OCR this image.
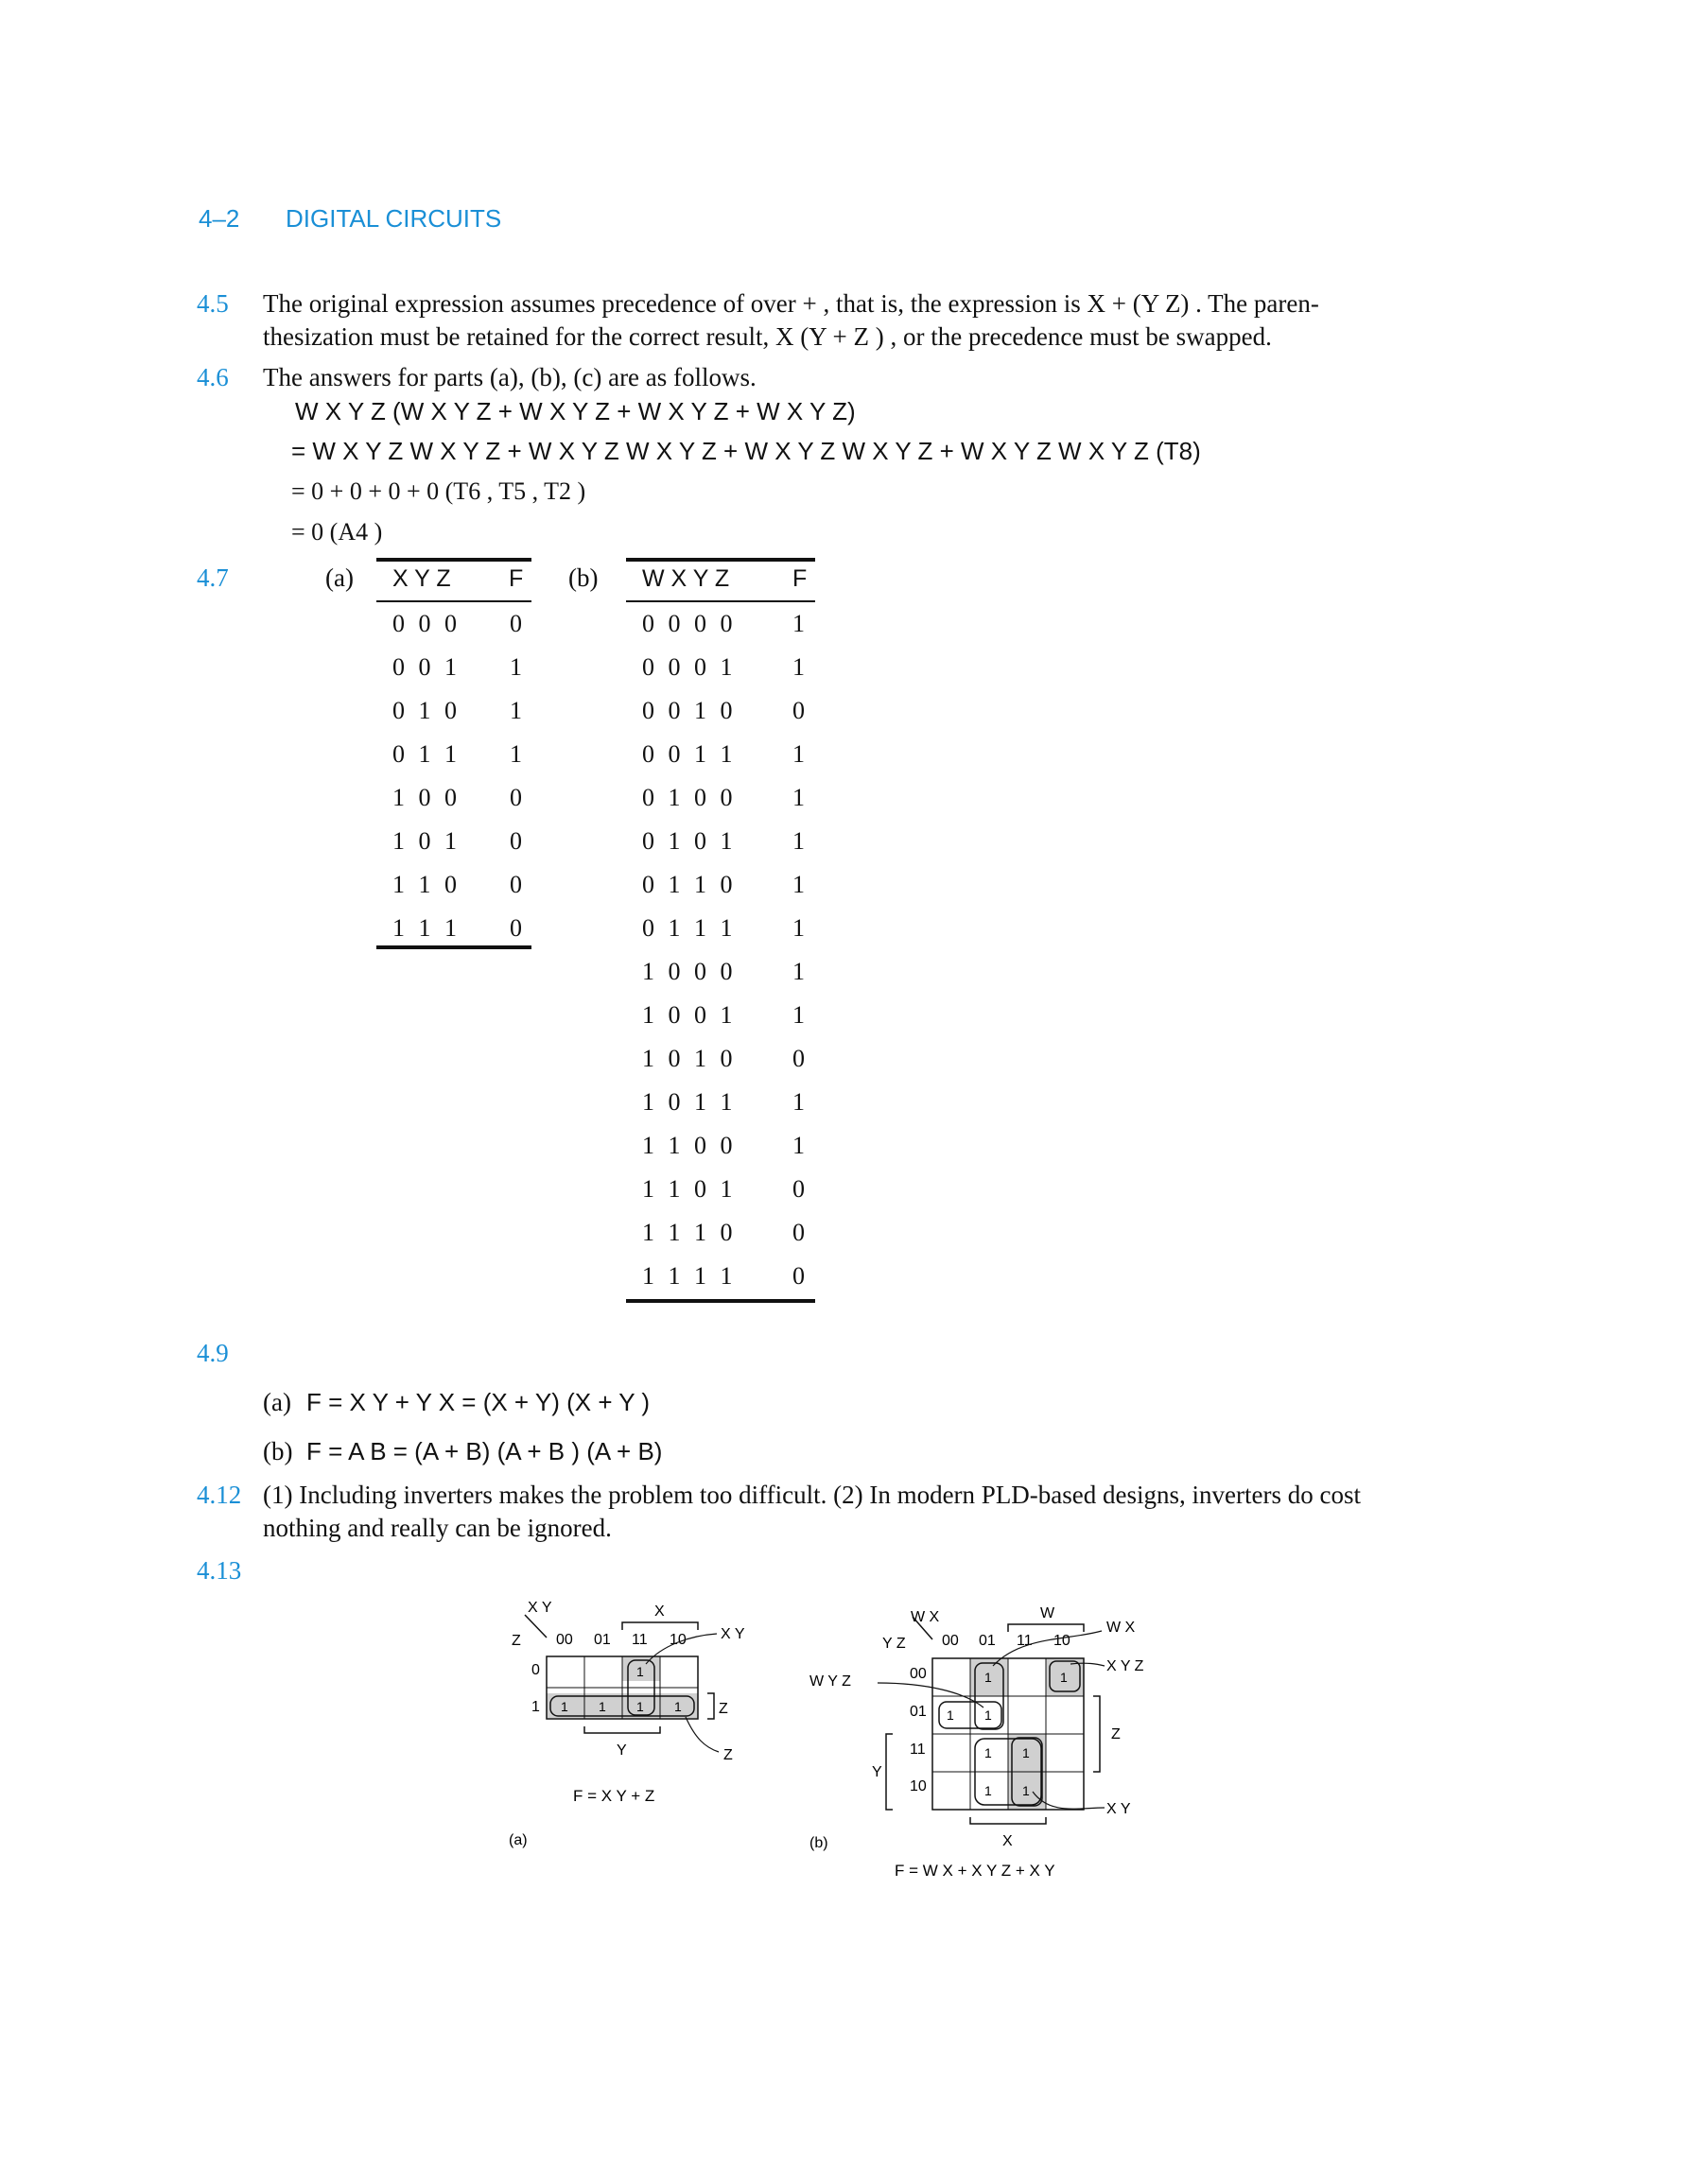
4–2 DIGITAL CIRCUITS
4.5 The original expression assumes precedence of over + , that is, the expression is X + (Y Z) . The paren-
thesization must be retained for the correct result, X (Y + Z ) , or the precedence must be swapped.
4.6 The answers for parts (a), (b), (c) are as follows.
W X Y Z (W X Y Z + W X Y Z + W X Y Z + W X Y Z)
= W X Y Z W X Y Z + W X Y Z W X Y Z + W X Y Z W X Y Z + W X Y Z W X Y Z (T8)
= 0 + 0 + 0 + 0 (T6 , T5 , T2 )
= 0 (A4 )
4.7	(a)	(b)
X Y Z F
0 0 0 0
0 0 1 1
0 1 0 1
0 1 1 1
1 0 0 0
1 0 1 0
1 1 0 0
1 1 1 0
W X Y Z	F
0 0 0 0 1
0 0 0 1 1
0 0 1 0 0
0 0 1 1 1
0 1 0 0 1
0 1 0 1 1
0 1 1 0 1
0 1 1 1 1
1 0 0 0 1
1 0 0 1 1
1 0 1 0 0
1 0 1 1 1
1 1 0 0 1
1 1 0 1 0
1 1 1 0 0
1 1 1 1 0
4.9
(a) F = X Y + Y X = (X + Y) (X + Y )
(b) F = A B = (A + B) (A + B ) (A + B)
4.12 (1) Including inverters makes the problem too difficult. (2) In modern PLD-based designs, inverters do cost
nothing and really can be ignored.
4.13
X Y
Z 00 01 11 10
0
1
1
1 1 1 1
X
X Y
Z
Z
Y
F = X Y + Z
(a)
W X
Y Z 00 01 11 10
00
01
11
10
1	1
1 1
1 1
1 1
W
Y
Z
X
W X
X Y Z
W Y Z
X Y
F = W X + X Y Z + X Y
(b)
